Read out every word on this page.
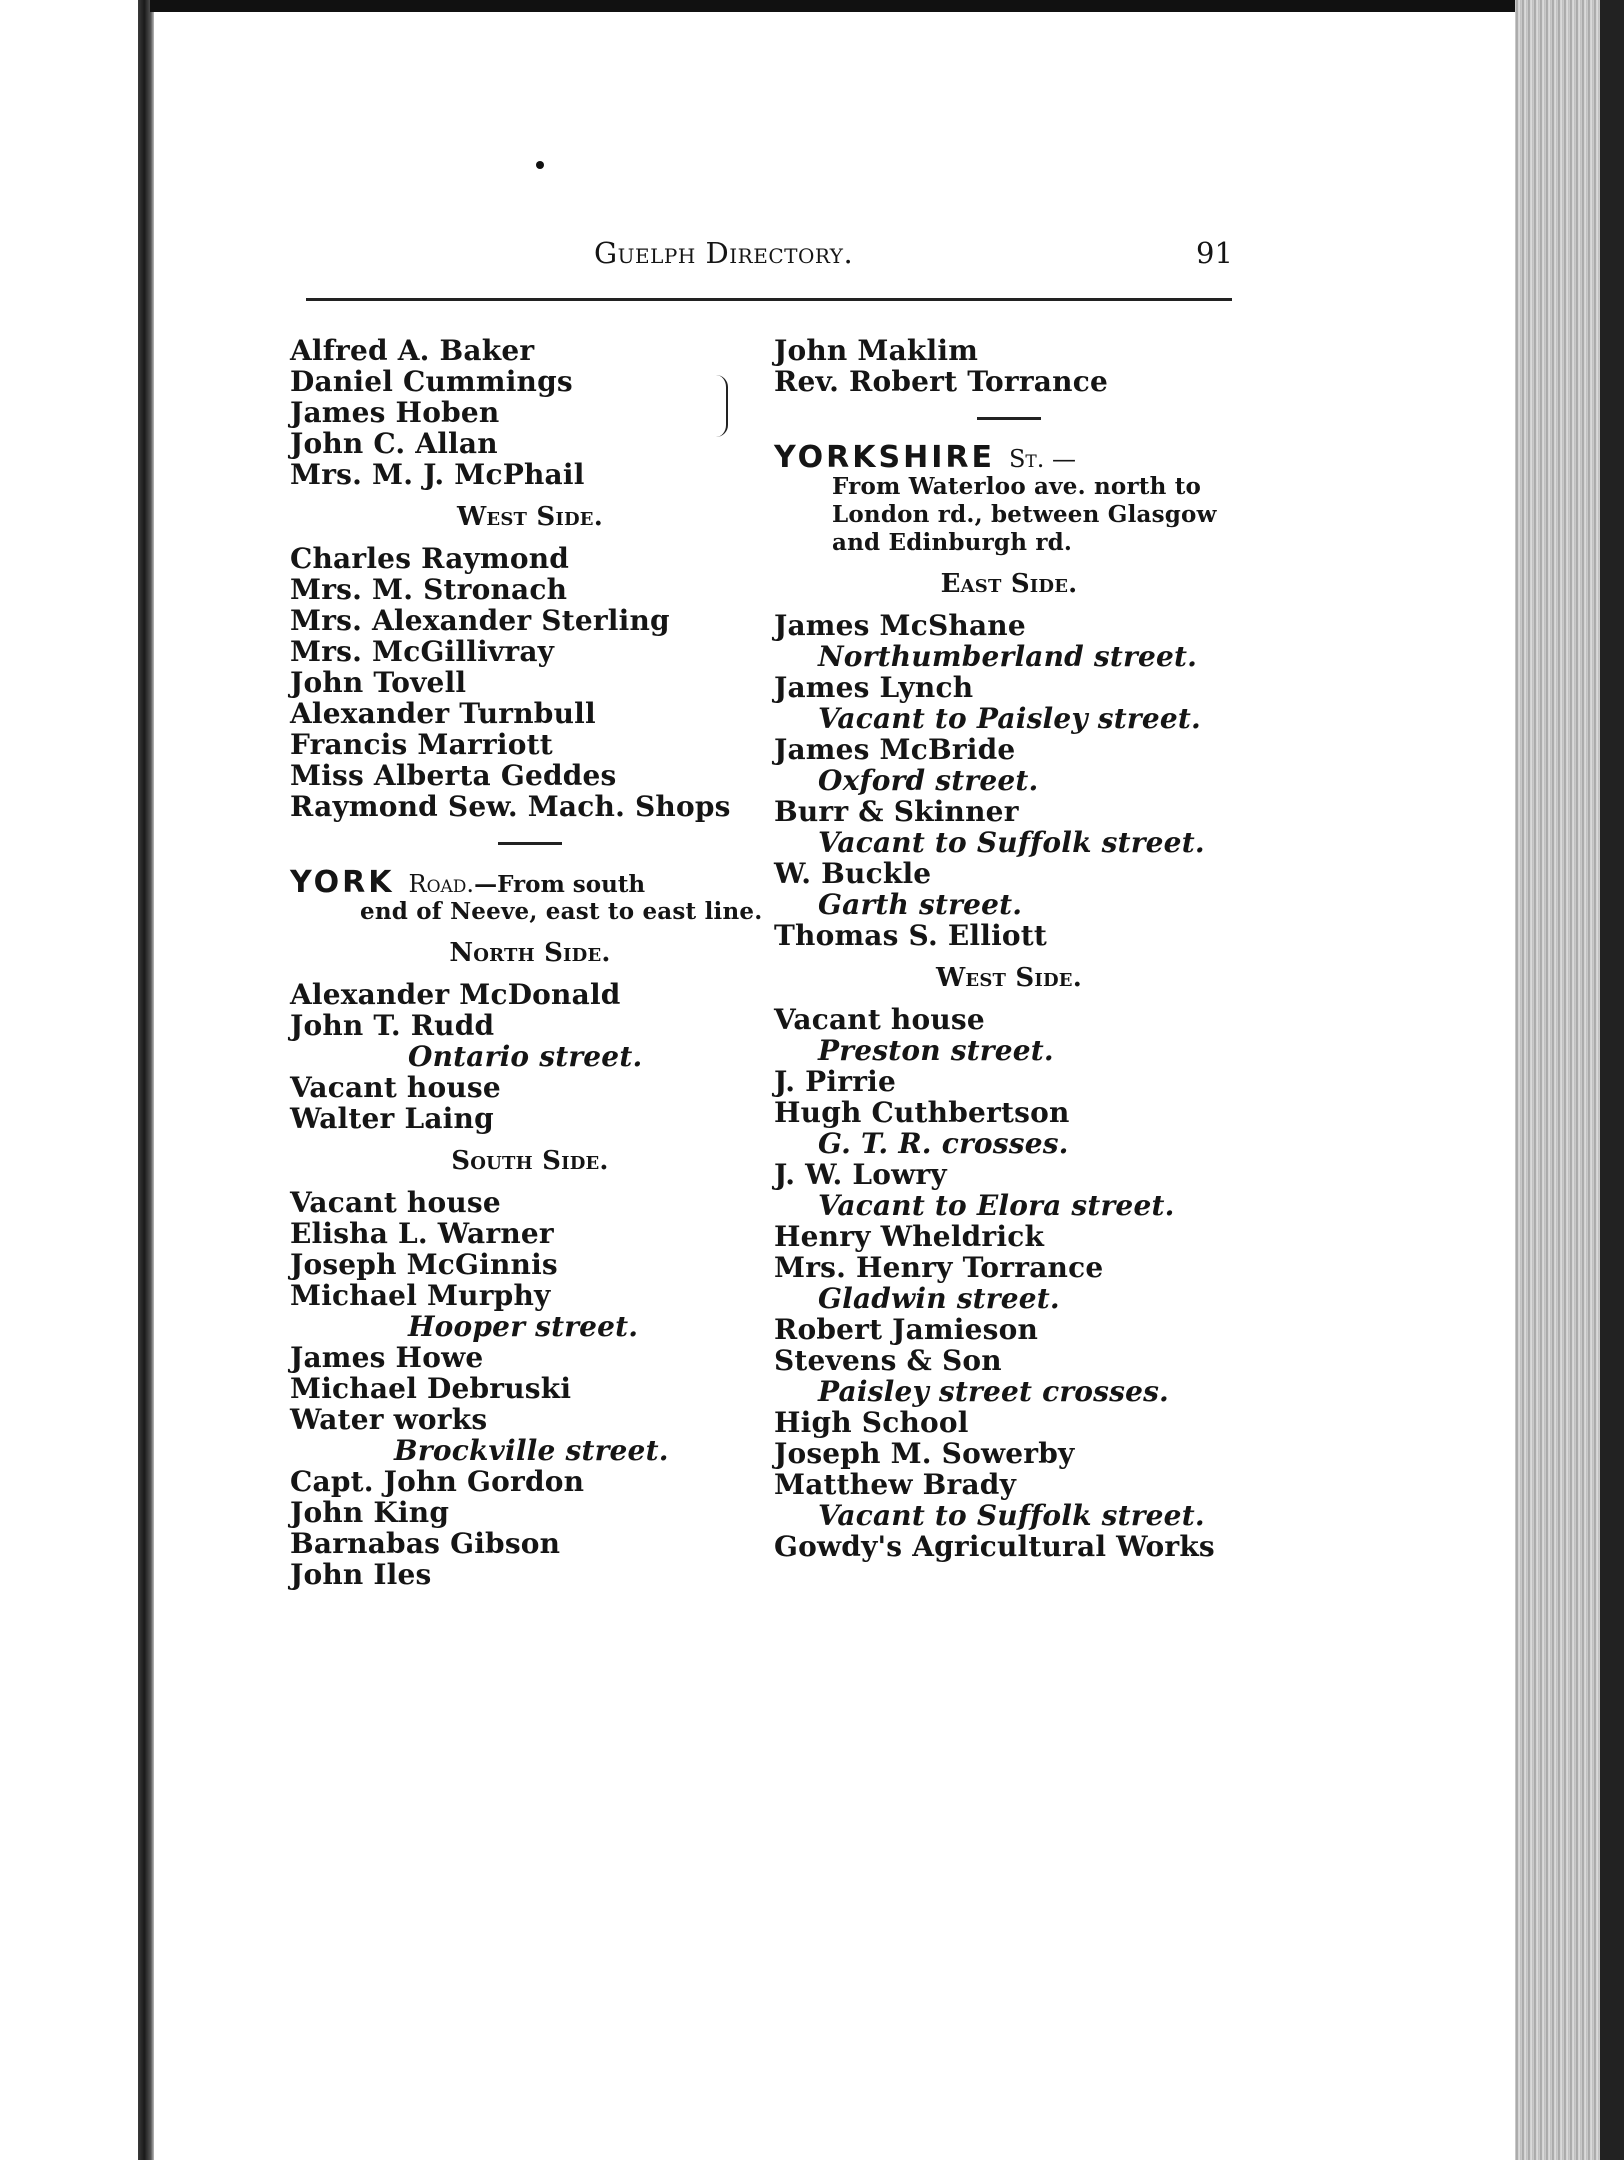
Guelph Directory.	91
Alfred A. Baker
Daniel Cummings
James Hoben
John C. Allan
Mrs. M. J. McPhail
West Side.
Charles Raymond
Mrs. M. Stronach
Mrs. Alexander Sterling
Mrs. McGillivray
John Tovell
Alexander Turnbull
Francis Marriott
Miss Alberta Geddes
Raymond Sew. Mach. Shops
YORK Road.—From south
end of Neeve, east to east line.
North Side.
Alexander McDonald
John T. Rudd
Ontario street.
Vacant house
Walter Laing
South Side.
Vacant house
Elisha L. Warner
Joseph McGinnis
Michael Murphy
Hooper street.
James Howe
Michael Debruski
Water works
Brockville street.
Capt. John Gordon
John King
Barnabas Gibson
John Iles
John Maklim
Rev. Robert Torrance
YORKSHIRE St. —
From Waterloo ave. north to
London rd., between Glasgow
and Edinburgh rd.
East Side.
James McShane
Northumberland street.
James Lynch
Vacant to Paisley street.
James McBride
Oxford street.
Burr & Skinner
Vacant to Suffolk street.
W. Buckle
Garth street.
Thomas S. Elliott
West Side.
Vacant house
Preston street.
J. Pirrie
Hugh Cuthbertson
G. T. R. crosses.
J. W. Lowry
Vacant to Elora street.
Henry Wheldrick
Mrs. Henry Torrance
Gladwin street.
Robert Jamieson
Stevens & Son
Paisley street crosses.
High School
Joseph M. Sowerby
Matthew Brady
Vacant to Suffolk street.
Gowdy's Agricultural Works
